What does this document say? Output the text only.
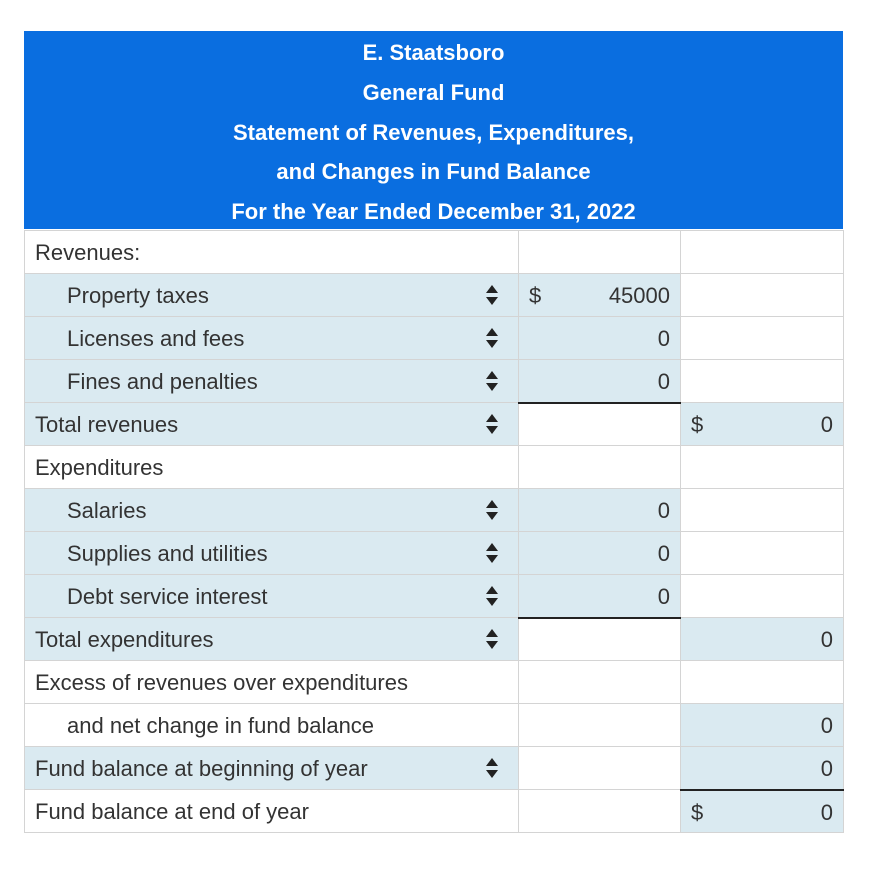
E. Staatsboro
General Fund
Statement of Revenues, Expenditures,
and Changes in Fund Balance
For the Year Ended December 31, 2022
Revenues:		

Property taxes	$ 45000	

Licenses and fees	0	

Fines and penalties	0	

Total revenues		$ 0

Expenditures		

Salaries	0	

Supplies and utilities	0	

Debt service interest	0	

Total expenditures		0

Excess of revenues over expenditures		

and net change in fund balance		0

Fund balance at beginning of year		0

Fund balance at end of year		$ 0
